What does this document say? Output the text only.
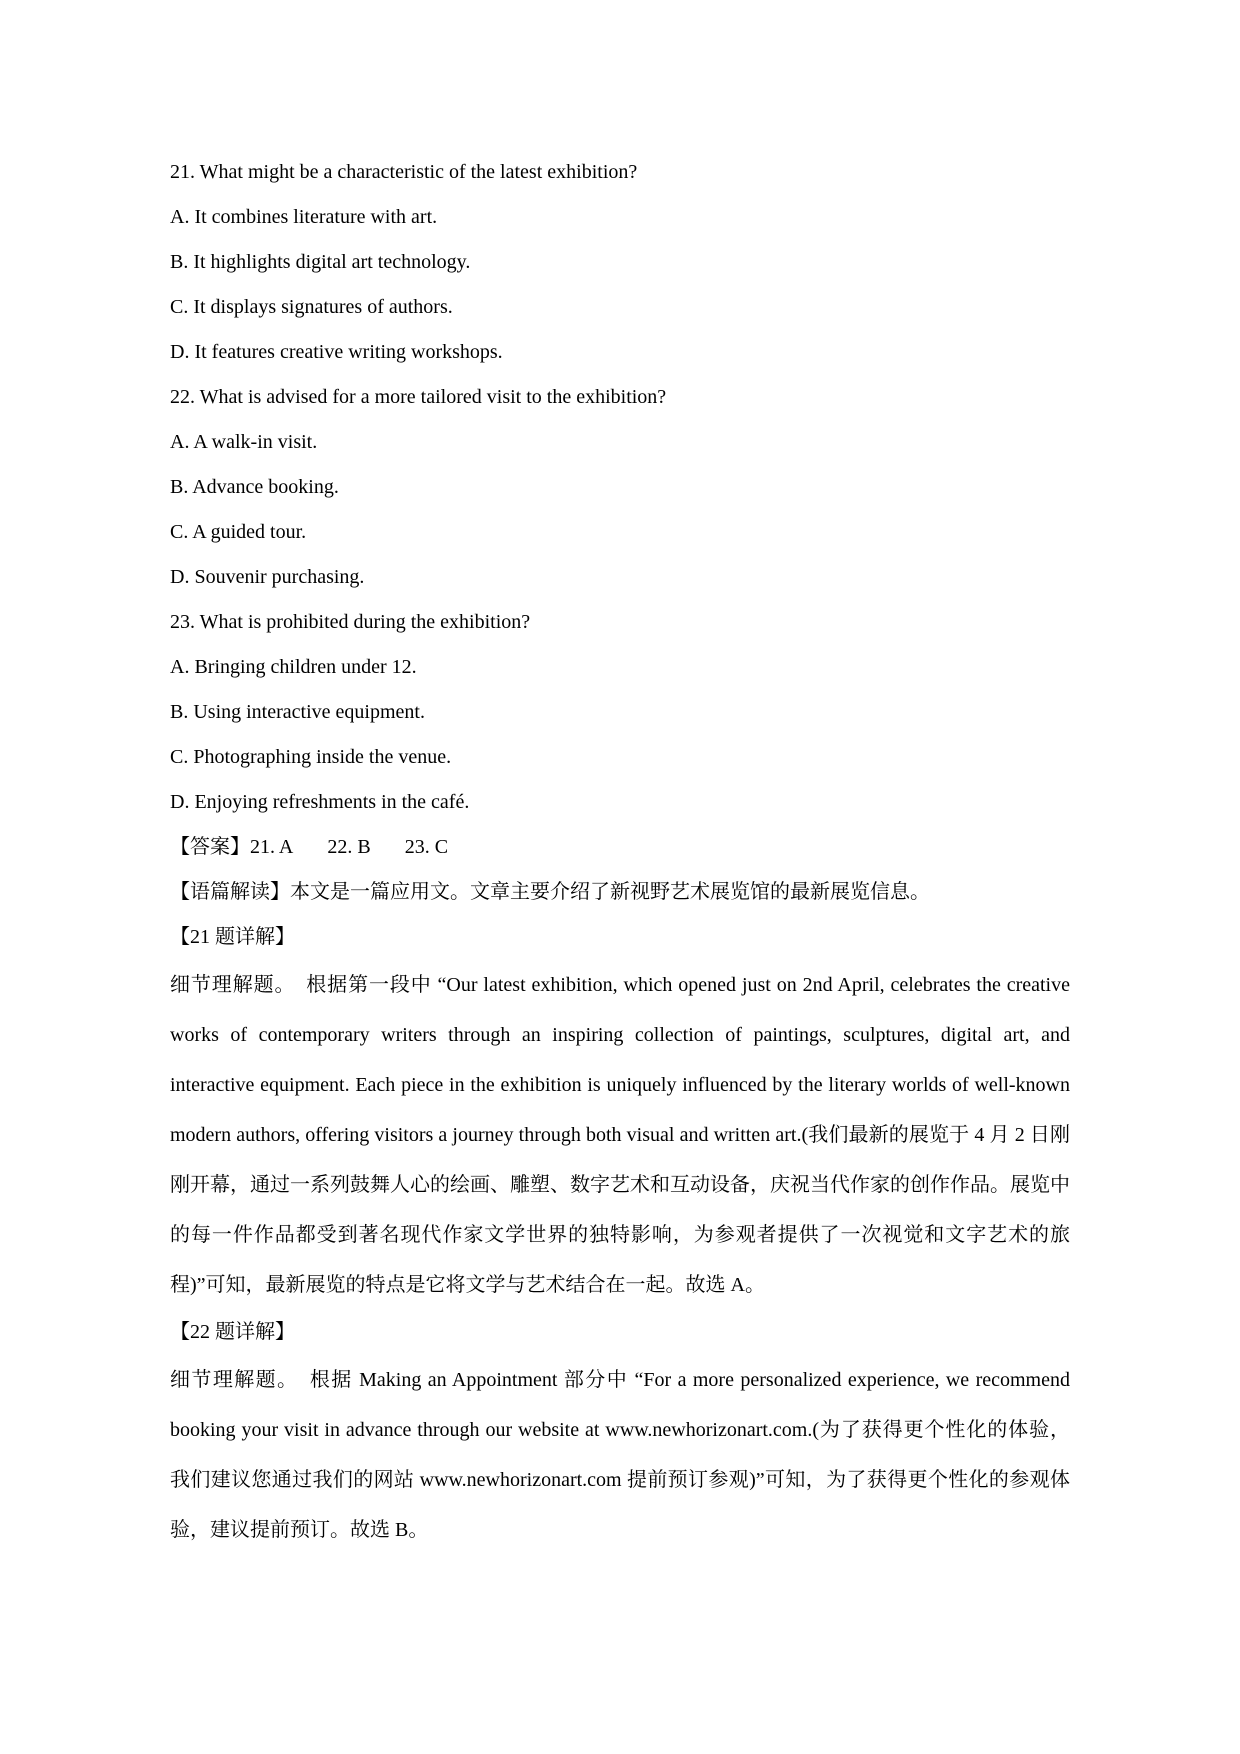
21. What might be a characteristic of the latest exhibition?

A. It combines literature with art.

B. It highlights digital art technology.

C. It displays signatures of authors.

D. It features creative writing workshops.

22. What is advised for a more tailored visit to the exhibition?

A. A walk-in visit.

B. Advance booking.

C. A guided tour.

D. Souvenir purchasing.

23. What is prohibited during the exhibition?

A. Bringing children under 12.

B. Using interactive equipment.

C. Photographing inside the venue.

D. Enjoying refreshments in the café.

【答案】21. A 22. B 23. C

【语篇解读】本文是一篇应用文。文章主要介绍了新视野艺术展览馆的最新展览信息。

【21 题详解】

细节理解题。　根据第一段中 “Our latest exhibition, which opened just on 2nd April, celebrates the creative works of contemporary writers through an inspiring collection of paintings, sculptures, digital art, and interactive equipment. Each piece in the exhibition is uniquely influenced by the literary worlds of well-known modern authors, offering visitors a journey through both visual and written art.(我们最新的展览于 4 月 2 日刚刚开幕，通过一系列鼓舞人心的绘画、雕塑、数字艺术和互动设备，庆祝当代作家的创作作品。展览中的每一件作品都受到著名现代作家文学世界的独特影响，为参观者提供了一次视觉和文字艺术的旅程)”可知，最新展览的特点是它将文学与艺术结合在一起。故选 A。

【22 题详解】

细节理解题。　根据 Making an Appointment 部分中 “For a more personalized experience, we recommend booking your visit in advance through our website at www.newhorizonart.com.(为了获得更个性化的体验，我们建议您通过我们的网站 www.newhorizonart.com 提前预订参观)”可知，为了获得更个性化的参观体验，建议提前预订。故选 B。
